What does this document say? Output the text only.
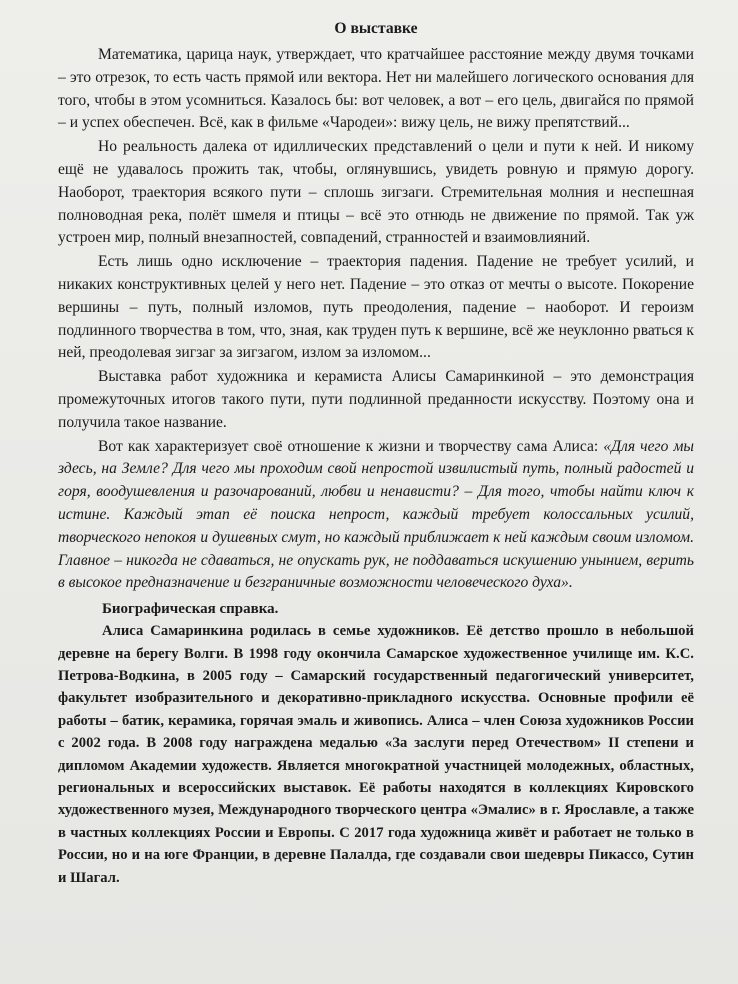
О выставке

Математика, царица наук, утверждает, что кратчайшее расстояние между двумя точками – это отрезок, то есть часть прямой или вектора. Нет ни малейшего логического основания для того, чтобы в этом усомниться. Казалось бы: вот человек, а вот – его цель, двигайся по прямой – и успех обеспечен. Всё, как в фильме «Чародеи»: вижу цель, не вижу препятствий...

Но реальность далека от идиллических представлений о цели и пути к ней. И никому ещё не удавалось прожить так, чтобы, оглянувшись, увидеть ровную и прямую дорогу. Наоборот, траектория всякого пути – сплошь зигзаги. Стремительная молния и неспешная полноводная река, полёт шмеля и птицы – всё это отнюдь не движение по прямой. Так уж устроен мир, полный внезапностей, совпадений, странностей и взаимовлияний.

Есть лишь одно исключение – траектория падения. Падение не требует усилий, и никаких конструктивных целей у него нет. Падение – это отказ от мечты о высоте. Покорение вершины – путь, полный изломов, путь преодоления, падение – наоборот. И героизм подлинного творчества в том, что, зная, как труден путь к вершине, всё же неуклонно рваться к ней, преодолевая зигзаг за зигзагом, излом за изломом...

Выставка работ художника и керамиста Алисы Самаринкиной – это демонстрация промежуточных итогов такого пути, пути подлинной преданности искусству. Поэтому она и получила такое название.

Вот как характеризует своё отношение к жизни и творчеству сама Алиса: «Для чего мы здесь, на Земле? Для чего мы проходим свой непростой извилистый путь, полный радостей и горя, воодушевления и разочарований, любви и ненависти? – Для того, чтобы найти ключ к истине. Каждый этап её поиска непрост, каждый требует колоссальных усилий, творческого непокоя и душевных смут, но каждый приближает к ней каждым своим изломом. Главное – никогда не сдаваться, не опускать рук, не поддаваться искушению унынием, верить в высокое предназначение и безграничные возможности человеческого духа».

Биографическая справка.

Алиса Самаринкина родилась в семье художников. Её детство прошло в небольшой деревне на берегу Волги. В 1998 году окончила Самарское художественное училище им. К.С. Петрова-Водкина, в 2005 году – Самарский государственный педагогический университет, факультет изобразительного и декоративно-прикладного искусства. Основные профили её работы – батик, керамика, горячая эмаль и живопись. Алиса – член Союза художников России с 2002 года. В 2008 году награждена медалью «За заслуги перед Отечеством» II степени и дипломом Академии художеств. Является многократной участницей молодежных, областных, региональных и всероссийских выставок. Её работы находятся в коллекциях Кировского художественного музея, Международного творческого центра «Эмалис» в г. Ярославле, а также в частных коллекциях России и Европы. С 2017 года художница живёт и работает не только в России, но и на юге Франции, в деревне Палалда, где создавали свои шедевры Пикассо, Сутин и Шагал.
